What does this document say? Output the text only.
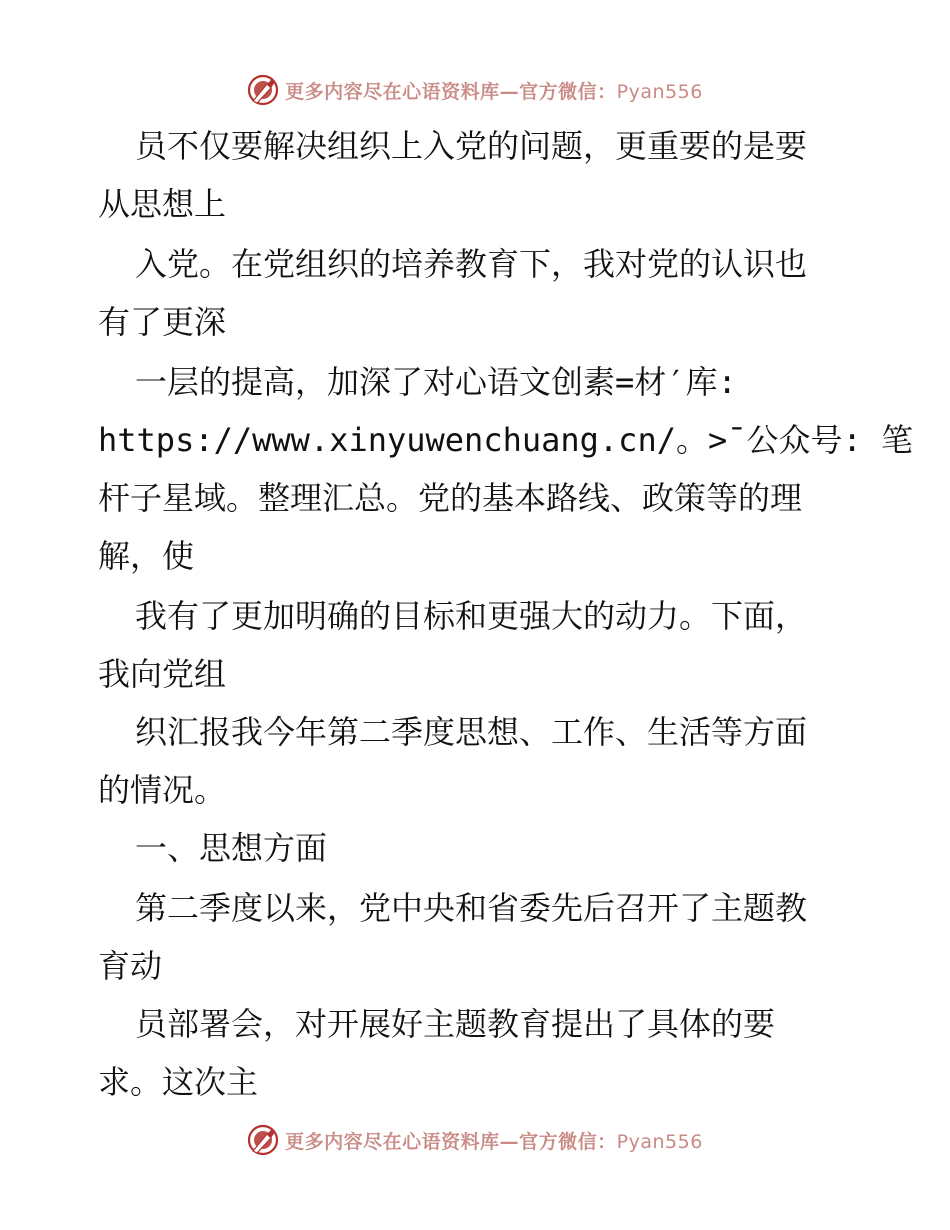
更多内容尽在心语资料库—官方微信：Pyan556
员不仅要解决组织上入党的问题，更重要的是要
从思想上
入党。在党组织的培养教育下，我对党的认识也
有了更深
一层的提高，加深了对心语文创素=材′库:
https://www.xinyuwenchuang.cn/。>¯公众号: 笔
杆子星域。整理汇总。党的基本路线、政策等的理
解，使
我有了更加明确的目标和更强大的动力。下面，
我向党组
织汇报我今年第二季度思想、工作、生活等方面
的情况。
一、思想方面
第二季度以来，党中央和省委先后召开了主题教
育动
员部署会，对开展好主题教育提出了具体的要
求。这次主
更多内容尽在心语资料库—官方微信：Pyan556
